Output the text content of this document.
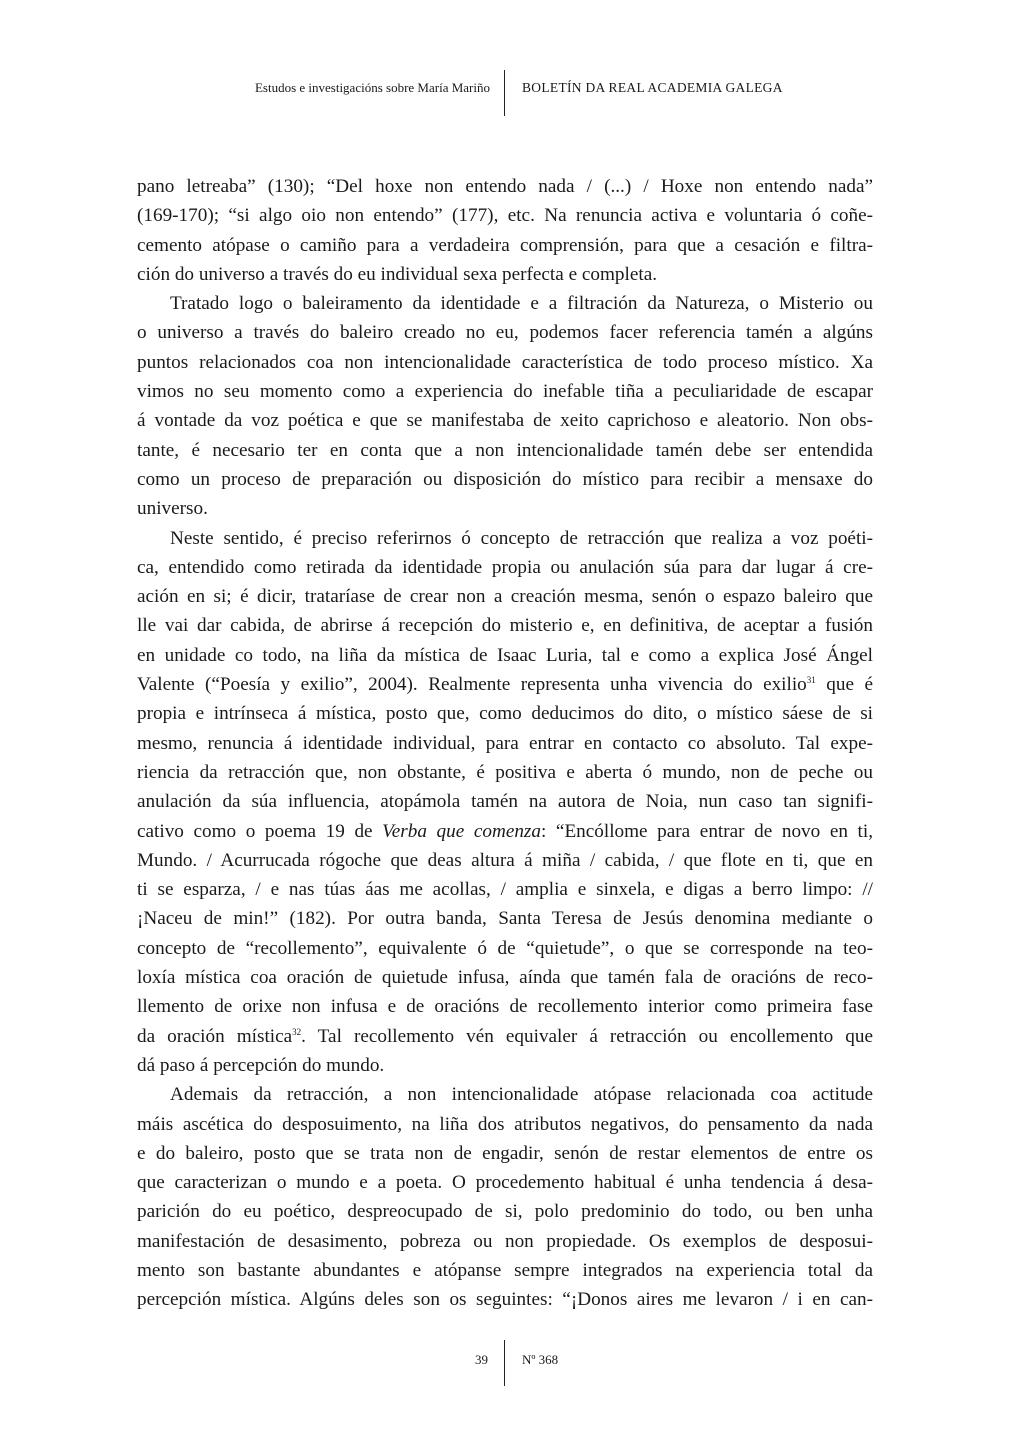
Estudos e investigacións sobre María Mariño BOLETÍN DA REAL ACADEMIA GALEGA
pano letreaba” (130); “Del hoxe non entendo nada / (...) / Hoxe non entendo nada”
(169-170); “si algo oio non entendo” (177), etc. Na renuncia activa e voluntaria ó coñe-
cemento atópase o camiño para a verdadeira comprensión, para que a cesación e filtra-
ción do universo a través do eu individual sexa perfecta e completa.
Tratado logo o baleiramento da identidade e a filtración da Natureza, o Misterio ou
o universo a través do baleiro creado no eu, podemos facer referencia tamén a algúns
puntos relacionados coa non intencionalidade característica de todo proceso místico. Xa
vimos no seu momento como a experiencia do inefable tiña a peculiaridade de escapar
á vontade da voz poética e que se manifestaba de xeito caprichoso e aleatorio. Non obs-
tante, é necesario ter en conta que a non intencionalidade tamén debe ser entendida
como un proceso de preparación ou disposición do místico para recibir a mensaxe do
universo.
Neste sentido, é preciso referirnos ó concepto de retracción que realiza a voz poéti-
ca, entendido como retirada da identidade propia ou anulación súa para dar lugar á cre-
ación en si; é dicir, trataríase de crear non a creación mesma, senón o espazo baleiro que
lle vai dar cabida, de abrirse á recepción do misterio e, en definitiva, de aceptar a fusión
en unidade co todo, na liña da mística de Isaac Luria, tal e como a explica José Ángel
Valente (“Poesía y exilio”, 2004). Realmente representa unha vivencia do exilio$^{31}$ que é
propia e intrínseca á mística, posto que, como deducimos do dito, o místico sáese de si
mesmo, renuncia á identidade individual, para entrar en contacto co absoluto. Tal expe-
riencia da retracción que, non obstante, é positiva e aberta ó mundo, non de peche ou
anulación da súa influencia, atopámola tamén na autora de Noia, nun caso tan signifi-
cativo como o poema 19 de Verba que comenza: “Encóllome para entrar de novo en ti,
Mundo. / Acurrucada rógoche que deas altura á miña / cabida, / que flote en ti, que en
ti se esparza, / e nas túas áas me acollas, / amplia e sinxela, e digas a berro limpo: //
¡Naceu de min!” (182). Por outra banda, Santa Teresa de Jesús denomina mediante o
concepto de “recollemento”, equivalente ó de “quietude”, o que se corresponde na teo-
loxía mística coa oración de quietude infusa, aínda que tamén fala de oracións de reco-
llemento de orixe non infusa e de oracións de recollemento interior como primeira fase
da oración mística$^{32}$. Tal recollemento vén equivaler á retracción ou encollemento que
dá paso á percepción do mundo.
Ademais da retracción, a non intencionalidade atópase relacionada coa actitude
máis ascética do desposuimento, na liña dos atributos negativos, do pensamento da nada
e do baleiro, posto que se trata non de engadir, senón de restar elementos de entre os
que caracterizan o mundo e a poeta. O procedemento habitual é unha tendencia á desa-
parición do eu poético, despreocupado de si, polo predominio do todo, ou ben unha
manifestación de desasimento, pobreza ou non propiedade. Os exemplos de desposui-
mento son bastante abundantes e atópanse sempre integrados na experiencia total da
percepción mística. Algúns deles son os seguintes: “¡Donos aires me levaron / i en can-
39	Nº 368
